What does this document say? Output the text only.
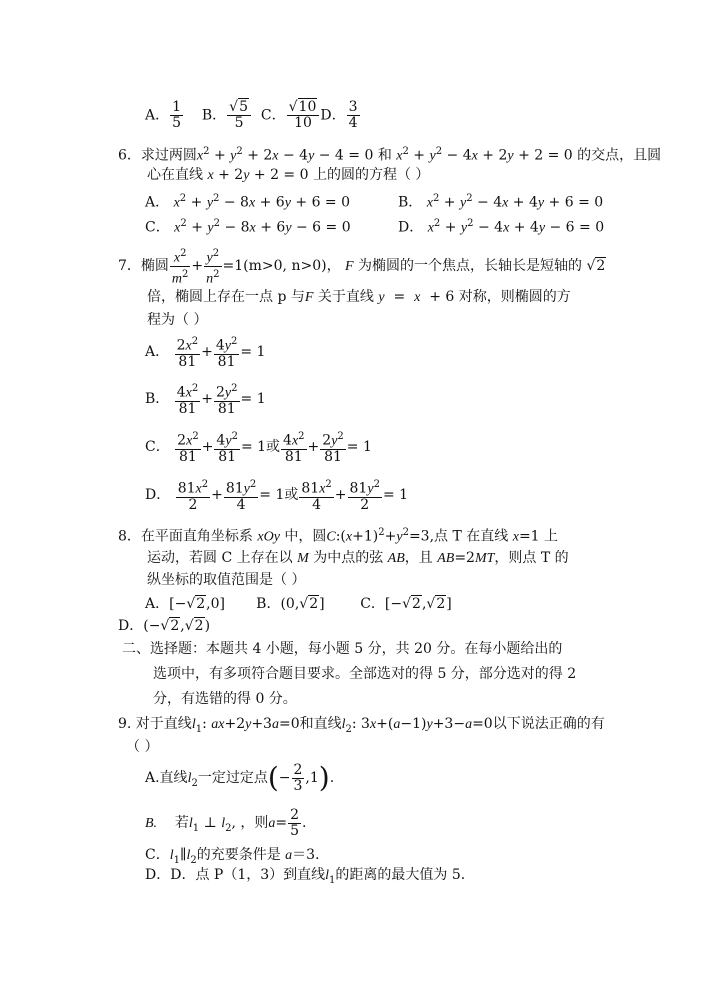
A． $\frac{1}{5}$ B． $\frac{√5}{5}$ C． $\frac{√10}{10}$ D． $\frac{3}{4}$
6．求过两圆$x^2 + y^2 + 2x - 4y - 4 = 0$ 和 $x^2 + y^2 - 4x + 2y + 2 = 0$ 的交点，且圆
心在直线 x + 2y + 2 = 0 上的圆的方程（ ）
A． $x^2 + y^2 - 8x + 6y + 6 = 0$	B． $x^2 + y^2 - 4x + 4y + 6 = 0$
C． $x^2 + y^2 - 8x + 6y - 6 = 0$	D． $x^2 + y^2 - 4x + 4y - 6 = 0$
7．椭圆 $\frac{x^2}{m^2} + \frac{y^2}{n^2} =1(m>0$, n>0)， F 为椭圆的一个焦点，长轴长是短轴的 √2
倍，椭圆上存在一点 p 与F 关于直线 y  =  x  + 6 对称，则椭圆的方
程为（ ）
A． $\frac{2x^2}{81} + \frac{4y^2}{81} = 1$
B． $\frac{4x^2}{81} + \frac{2y^2}{81} = 1$
C． $\frac{2x^2}{81} + \frac{4y^2}{81} = 1$或 $\frac{4x^2}{81} + \frac{2y^2}{81} = 1$
D． $\frac{81x^2}{2} + \frac{81y^2}{4} = 1$或 $\frac{81x^2}{4} + \frac{81y^2}{2} = 1$
8．在平面直角坐标系 xOy 中，圆$C:(x+1)^2+y^2=3$,点 T 在直线 x=1 上
运动，若圆 C 上存在以 M 为中点的弦 AB，且 AB=2MT，则点 T 的
纵坐标的取值范围是（ ）
A．[−√2,0]       B．(0,√2]        C．[−√2,√2]
D．(−√2,√2)
二、选择题：本题共 4 小题，每小题 5 分，共 20 分。在每小题给出的
选项中，有多项符合题目要求。全部选对的得 5 分，部分选对的得 2
分，有选错的得 0 分。
9. 对于直线$l_1$: ax+2y+3a=0和直线$l_2$: 3x+(a−1)y+3−a=0以下说法正确的有
（ ）
A.直线$l_2$一定过定点(− $\frac{2}{3} ,1$).
B. 若$l_1$ ⊥ $l_2$, ，则$a= \frac{2}{5}$ .
C．$l_1\parallel l_2$的充要条件是 a＝3．
D．D．点 P（1，3）到直线$l_1$的距离的最大值为 5．
